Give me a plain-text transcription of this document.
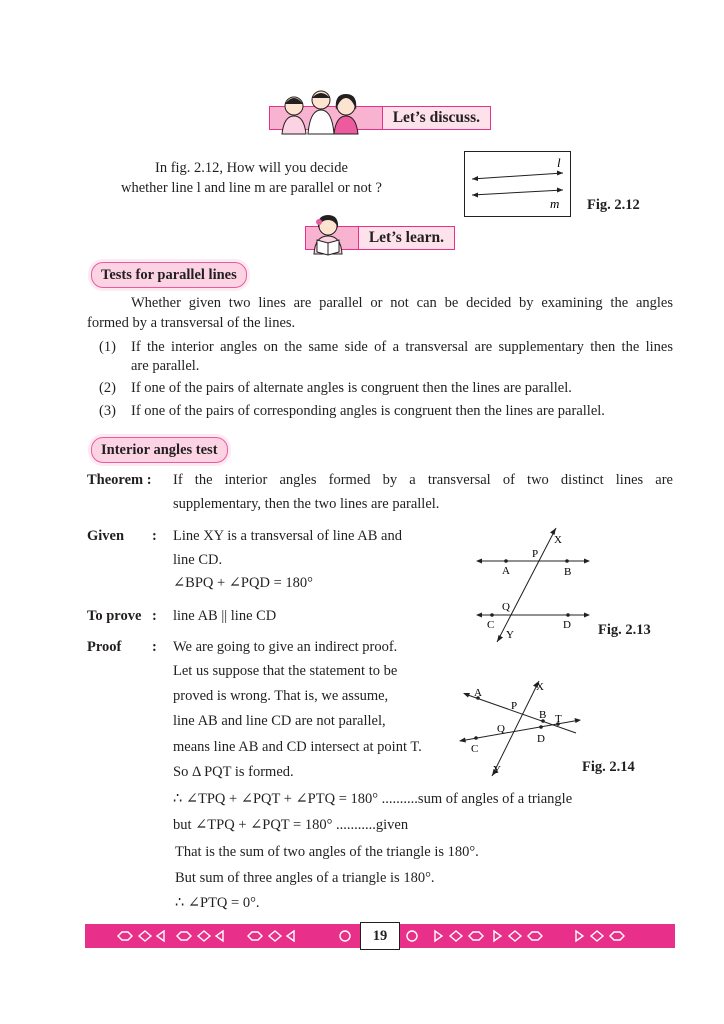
Let’s discuss.
In fig. 2.12, How will you decide
whether line l and line m are parallel or not ?
l
m Fig. 2.12
Let’s learn.
Tests for parallel lines
Whether given two lines are parallel or not can be decided by examining the angles
formed by a transversal of the lines.
(1) If the interior angles on the same side of a transversal are supplementary then the lines
are parallel.
(2) If one of the pairs of alternate angles is congruent then the lines are parallel.
(3) If one of the pairs of corresponding angles is congruent then the lines are parallel.
Interior angles test
Theorem : If the interior angles formed by a transversal of two distinct lines are
supplementary, then the two lines are parallel.
Given : Line XY is a transversal of line AB and
line CD.
∠BPQ + ∠PQD = 180°
To prove : line AB || line CD
X
P
A	B
Q
C	D
Y	Fig. 2.13
Proof : We are going to give an indirect proof.
Let us suppose that the statement to be
proved is wrong. That is, we assume,
line AB and line CD are not parallel,
means line AB and CD intersect at point T.
So Δ PQT is formed.
∴ ∠TPQ + ∠PQT + ∠PTQ = 180° ..........sum of angles of a triangle
but ∠TPQ + ∠PQT = 180° ...........given
That is the sum of two angles of the triangle is 180°.
But sum of three angles of a triangle is 180°.
∴ ∠PTQ = 0°.
A	X
P
B T
Q
D
C
Y	Fig. 2.14
19
